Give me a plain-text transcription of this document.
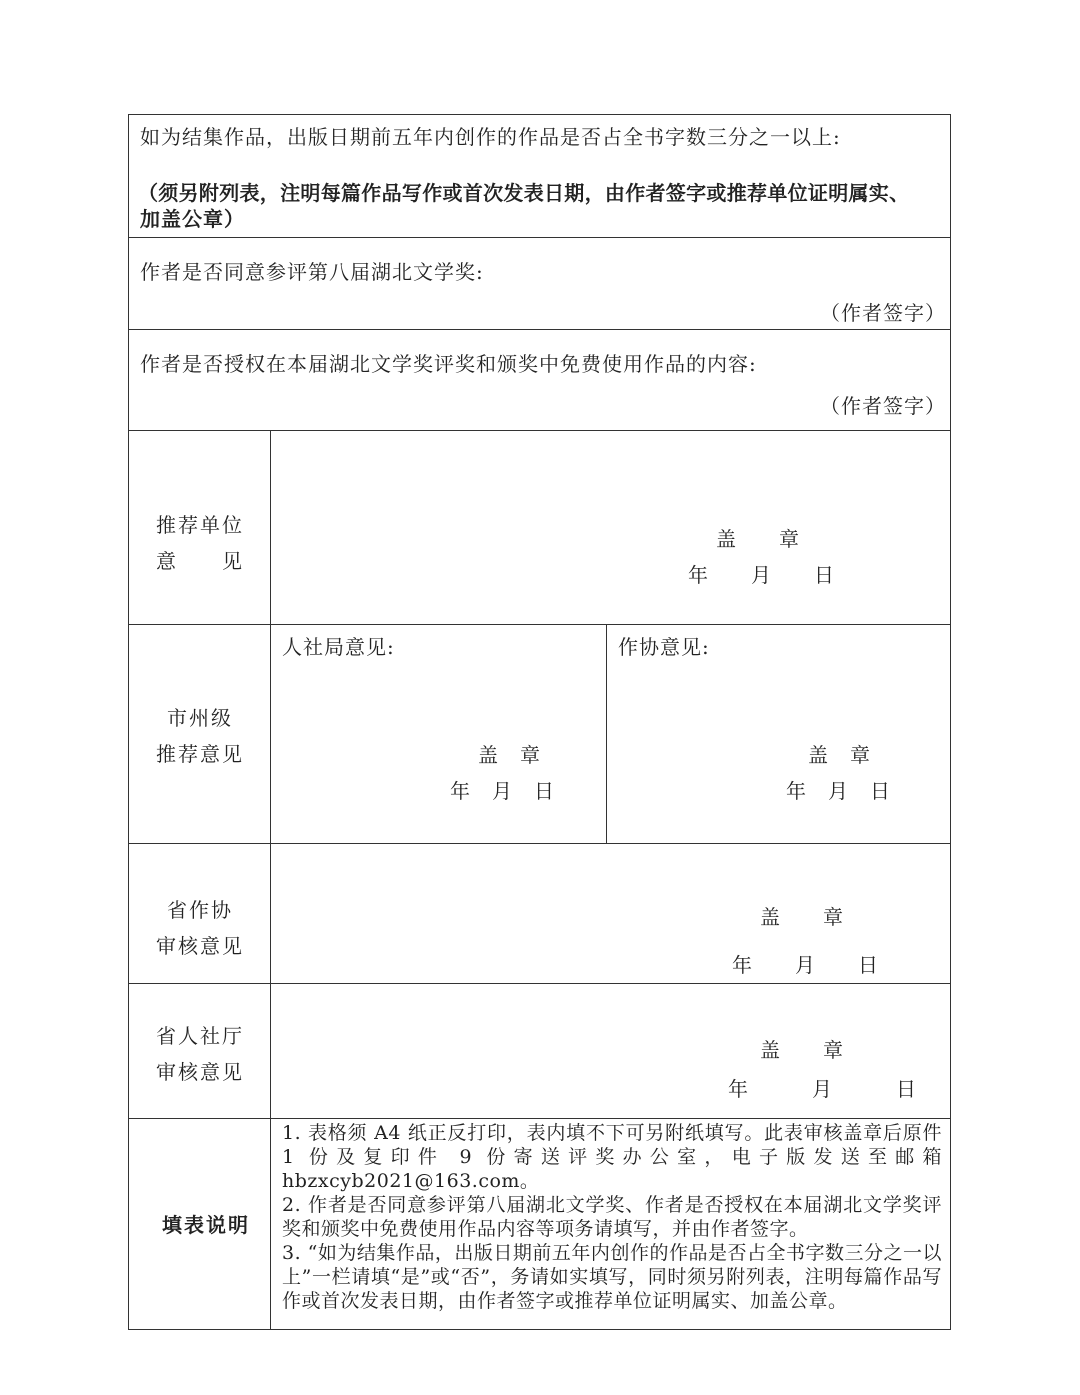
如为结集作品，出版日期前五年内创作的作品是否占全书字数三分之一以上:
（须另附列表，注明每篇作品写作或首次发表日期，由作者签字或推荐单位证明属实、
加盖公章）
作者是否同意参评第八届湖北文学奖:
（作者签字）
作者是否授权在本届湖北文学奖评奖和颁奖中免费使用作品的内容:
（作者签字）
推荐单位
意　　见
盖　　章
年　　月　　日
市州级
推荐意见
人社局意见:
盖　章
年　月　日
作协意见:
盖　章
年　月　日
省作协
审核意见
盖　　章
年　　月　　日
省人社厅
审核意见
盖　　章
年　　　月　　　日
填表说明

1. 表格须 A4 纸正反打印，表内填不下可另附纸填写。此表审核盖章后原件 1 份及复印件 9 份寄送评奖办公室，电子版发送至邮箱 hbzxcyb2021@163.com。

2. 作者是否同意参评第八届湖北文学奖、作者是否授权在本届湖北文学奖评奖和颁奖中免费使用作品内容等项务请填写，并由作者签字。

3. “如为结集作品，出版日期前五年内创作的作品是否占全书字数三分之一以上”一栏请填“是”或“否”，务请如实填写，同时须另附列表，注明每篇作品写作或首次发表日期，由作者签字或推荐单位证明属实、加盖公章。
